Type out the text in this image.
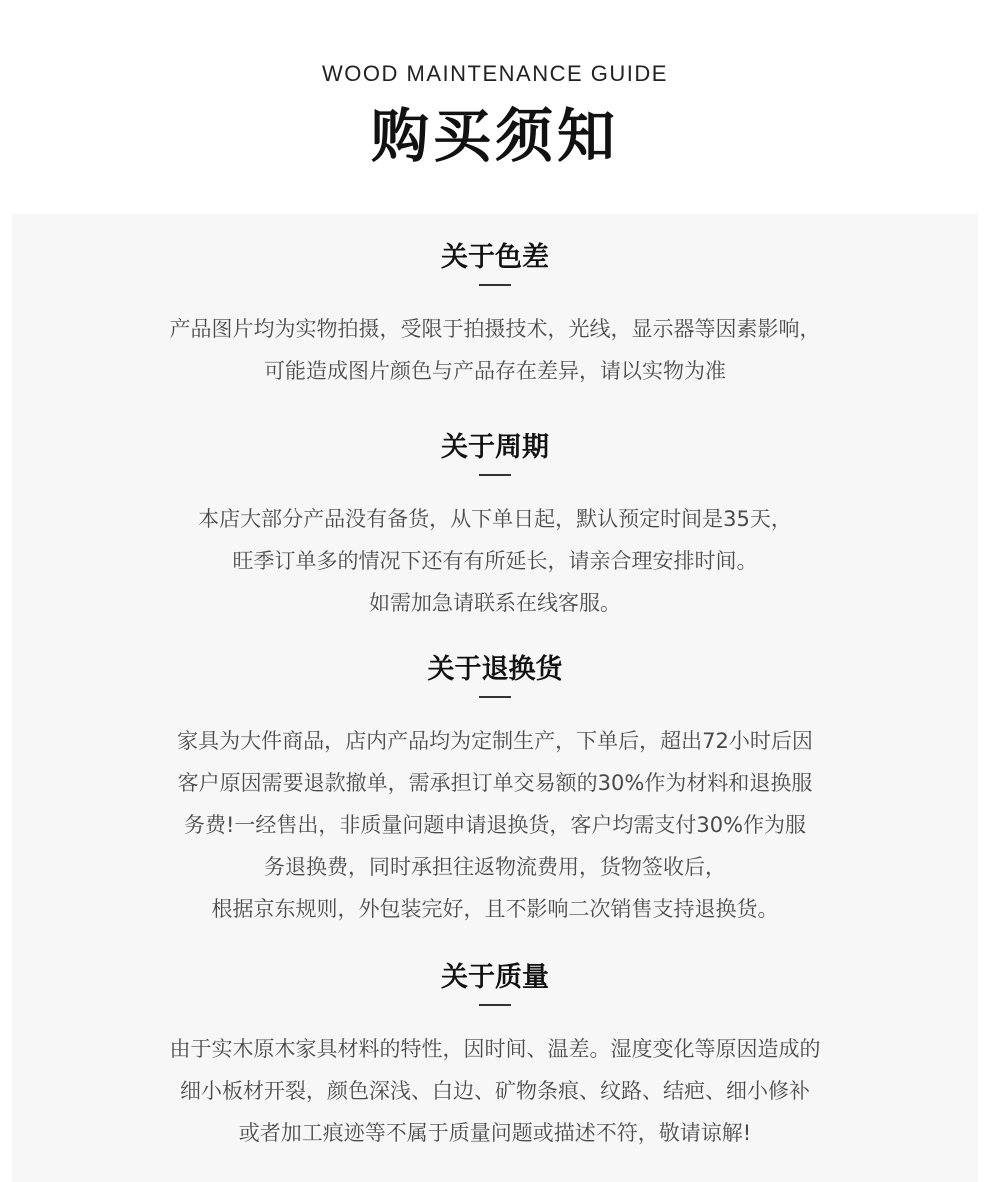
WOOD MAINTENANCE GUIDE
购买须知
关于色差
产品图片均为实物拍摄，受限于拍摄技术，光线，显示器等因素影响，
可能造成图片颜色与产品存在差异，请以实物为准
关于周期
本店大部分产品没有备货，从下单日起，默认预定时间是35天，
旺季订单多的情况下还有有所延长，请亲合理安排时间。
如需加急请联系在线客服。
关于退换货
家具为大件商品，店内产品均为定制生产，下单后，超出72小时后因
客户原因需要退款撤单，需承担订单交易额的30%作为材料和退换服
务费!一经售出，非质量问题申请退换货，客户均需支付30%作为服
务退换费，同时承担往返物流费用，货物签收后，
根据京东规则，外包装完好，且不影响二次销售支持退换货。
关于质量
由于实木原木家具材料的特性，因时间、温差。湿度变化等原因造成的
细小板材开裂，颜色深浅、白边、矿物条痕、纹路、结疤、细小修补
或者加工痕迹等不属于质量问题或描述不符，敬请谅解!
